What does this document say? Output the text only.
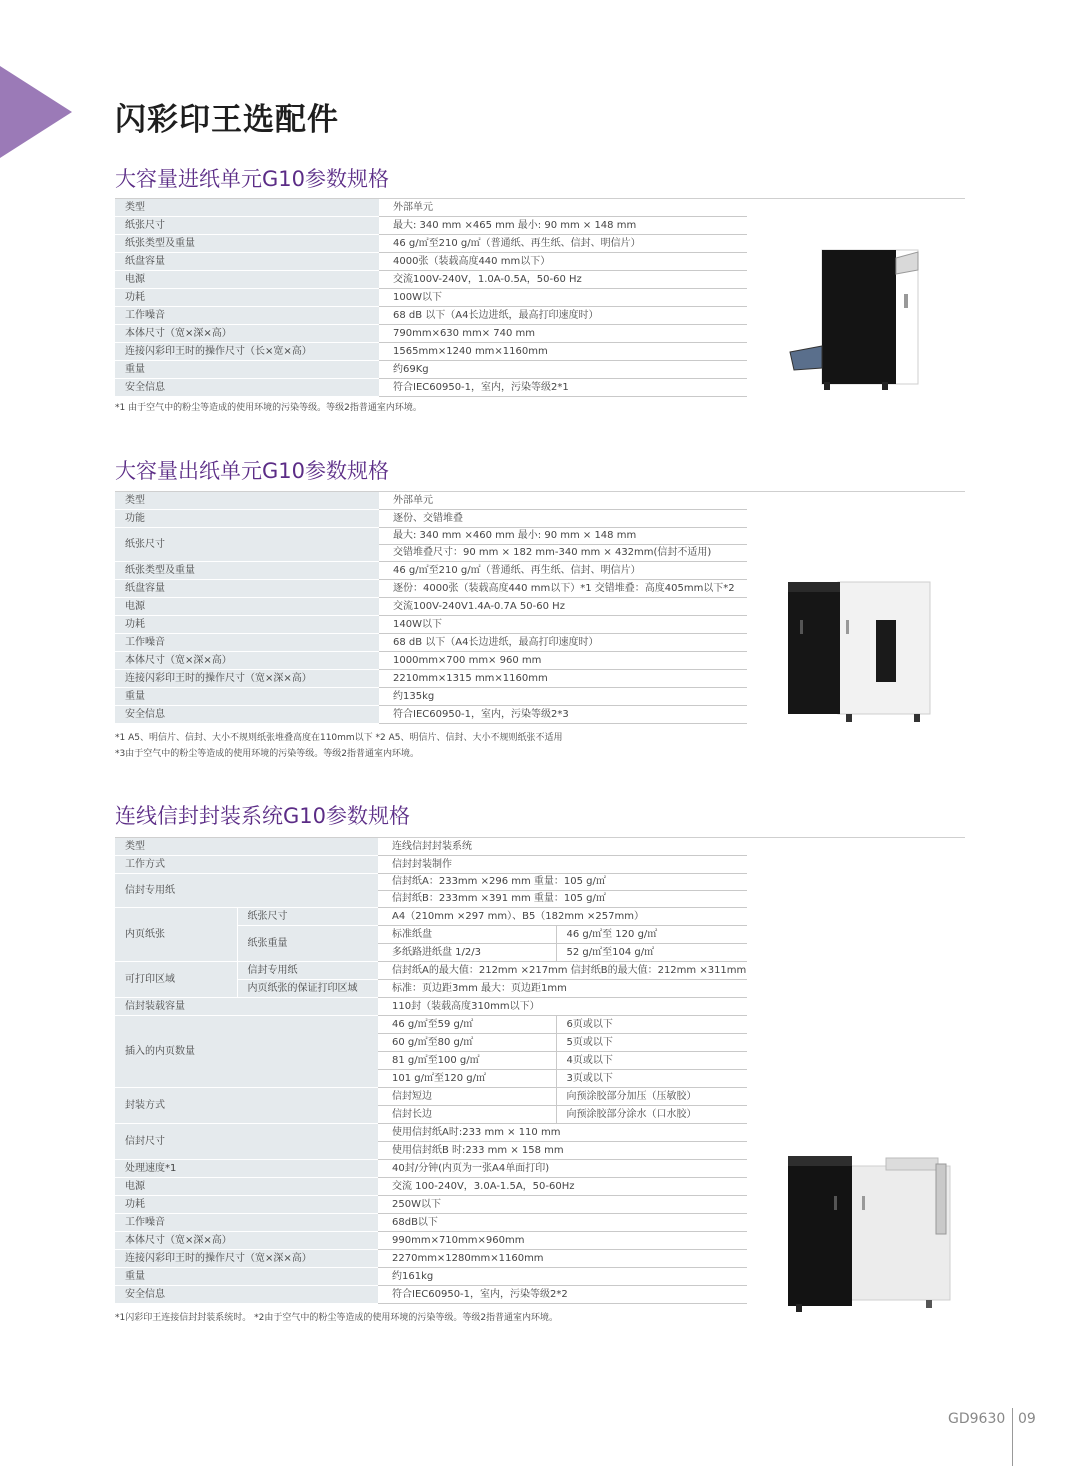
闪彩印王选配件
大容量进纸单元G10参数规格
类型	外部单元
纸张尺寸	最大: 340 mm ×465 mm 最小: 90 mm × 148 mm
纸张类型及重量	46 g/㎡至210 g/㎡（普通纸、再生纸、信封、明信片）
纸盘容量	4000张（装载高度440 mm以下）
电源	交流100V-240V，1.0A-0.5A，50-60 Hz
功耗	100W以下
工作噪音	68 dB 以下（A4长边进纸，最高打印速度时）
本体尺寸（宽×深×高）	790mm×630 mm× 740 mm
连接闪彩印王时的操作尺寸（长×宽×高）	1565mm×1240 mm×1160mm
重量	约69Kg
安全信息	符合IEC60950-1，室内，污染等级2*1
*1 由于空气中的粉尘等造成的使用环境的污染等级。等级2指普通室内环境。
大容量出纸单元G10参数规格
类型	外部单元
功能	逐份、交错堆叠
纸张尺寸	最大: 340 mm ×460 mm 最小: 90 mm × 148 mm
	交错堆叠尺寸：90 mm × 182 mm-340 mm × 432mm(信封不适用)
纸张类型及重量	46 g/㎡至210 g/㎡（普通纸、再生纸、信封、明信片）
纸盘容量	逐份：4000张（装载高度440 mm以下）*1 交错堆叠：高度405mm以下*2
电源	交流100V-240V1.4A-0.7A 50-60 Hz
功耗	140W以下
工作噪音	68 dB 以下（A4长边进纸，最高打印速度时）
本体尺寸（宽×深×高）	1000mm×700 mm× 960 mm
连接闪彩印王时的操作尺寸（宽×深×高）	2210mm×1315 mm×1160mm
重量	约135kg
安全信息	符合IEC60950-1，室内，污染等级2*3
*1 A5、明信片、信封、大小不规则纸张堆叠高度在110mm以下 *2 A5、明信片、信封、大小不规则纸张不适用
*3由于空气中的粉尘等造成的使用环境的污染等级。等级2指普通室内环境。
连线信封封装系统G10参数规格
类型		连线信封封装系统	
工作方式		信封封装制作	
信封专用纸		信封纸A：233mm ×296 mm 重量：105 g/㎡	
		信封纸B：233mm ×391 mm 重量：105 g/㎡	
内页纸张	纸张尺寸	A4（210mm ×297 mm）、B5（182mm ×257mm）	
	纸张重量	标准纸盘	46 g/㎡至 120 g/㎡
		多纸路进纸盘 1/2/3	52 g/㎡至104 g/㎡
可打印区域	信封专用纸	信封纸A的最大值：212mm ×217mm 信封纸B的最大值：212mm ×311mm	
	内页纸张的保证打印区域	标准：页边距3mm 最大：页边距1mm	
信封装载容量		110封（装载高度310mm以下）	
插入的内页数量		46 g/㎡至59 g/㎡	6页或以下
		60 g/㎡至80 g/㎡	5页或以下
		81 g/㎡至100 g/㎡	4页或以下
		101 g/㎡至120 g/㎡	3页或以下
封装方式		信封短边	向预涂胶部分加压（压敏胶）
		信封长边	向预涂胶部分涂水（口水胶）
信封尺寸		使用信封纸A时:233 mm × 110 mm	
		使用信封纸B 时:233 mm × 158 mm	
处理速度*1		40封/分钟(内页为一张A4单面打印)	
电源		交流 100-240V，3.0A-1.5A，50-60Hz	
功耗		250W以下	
工作噪音		68dB以下	
本体尺寸（宽×深×高）		990mm×710mm×960mm	
连接闪彩印王时的操作尺寸（宽×深×高）		2270mm×1280mm×1160mm	
重量		约161kg	
安全信息		符合IEC60950-1，室内，污染等级2*2	
*1闪彩印王连接信封封装系统时。 *2由于空气中的粉尘等造成的使用环境的污染等级。等级2指普通室内环境。
GD9630 09
